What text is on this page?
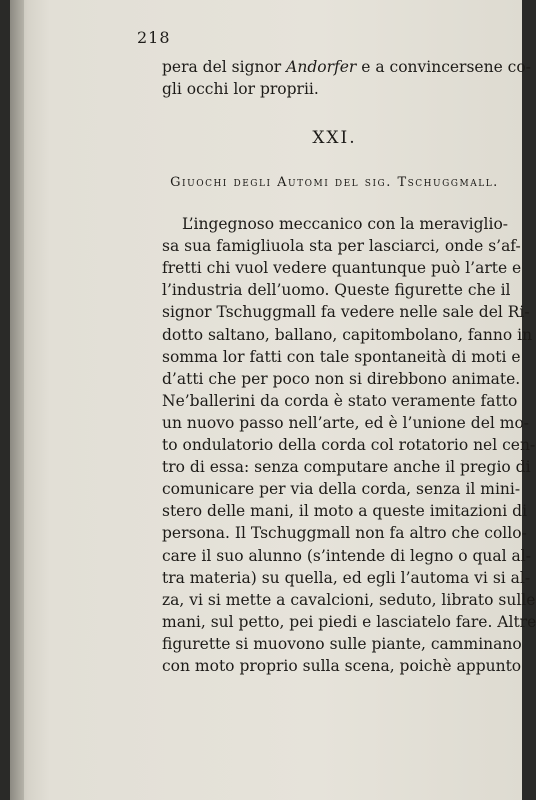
218
pera del signor Andorfer e a convincersene co-
gli occhi lor proprii.
XXI.
Giuochi degli Automi del sig. Tschuggmall.
L’ingegnoso meccanico con la meraviglio-
sa sua famigliuola sta per lasciarci, onde s’af-
fretti chi vuol vedere quantunque può l’arte e
l’industria dell’uomo. Queste figurette che il
signor Tschuggmall fa vedere nelle sale del Ri-
dotto saltano, ballano, capitombolano, fanno in
somma lor fatti con tale spontaneità di moti e
d’atti che per poco non si direbbono animate.
Ne’ballerini da corda è stato veramente fatto
un nuovo passo nell’arte, ed è l’unione del mo-
to ondulatorio della corda col rotatorio nel cen-
tro di essa: senza computare anche il pregio di
comunicare per via della corda, senza il mini-
stero delle mani, il moto a queste imitazioni di
persona. Il Tschuggmall non fa altro che collo-
care il suo alunno (s’intende di legno o qual al-
tra materia) su quella, ed egli l’automa vi si al-
za, vi si mette a cavalcioni, seduto, librato sulle
mani, sul petto, pei piedi e lasciatelo fare. Altre
figurette si muovono sulle piante, camminano
con moto proprio sulla scena, poichè appunto
